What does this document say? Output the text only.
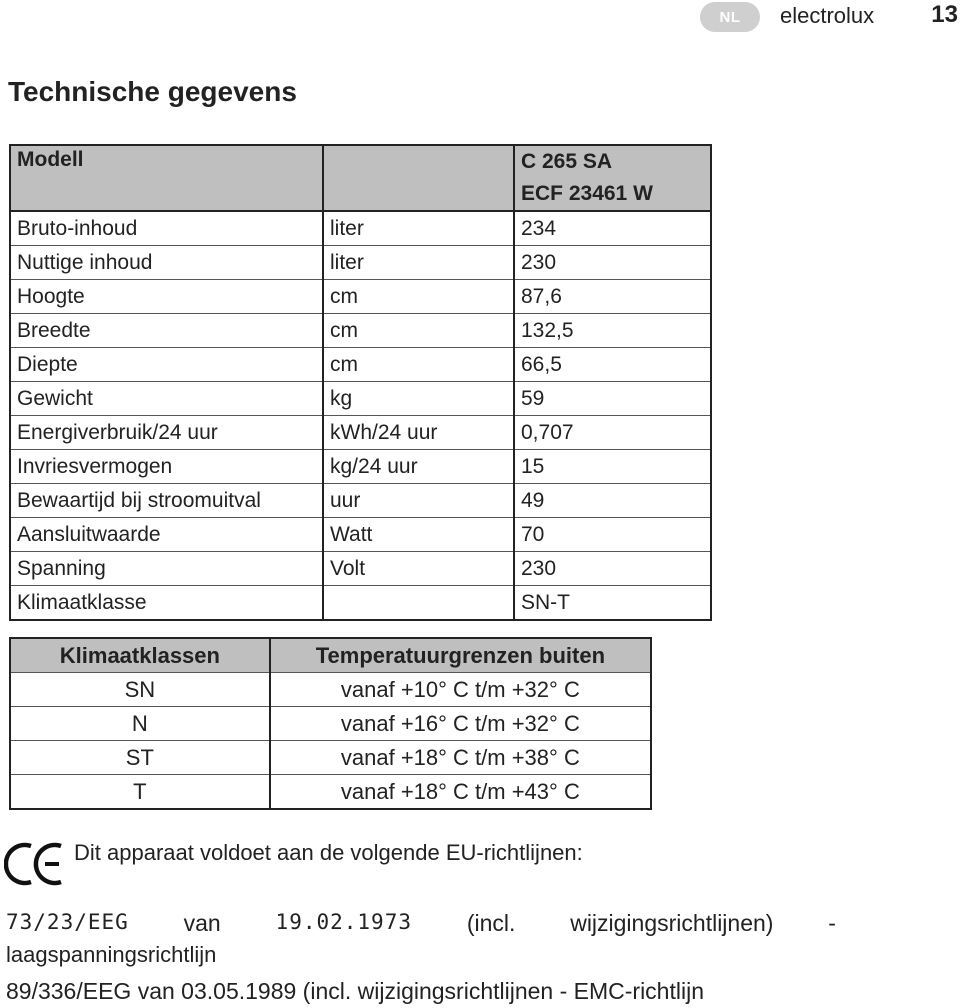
NL	electrolux 13
Technische gegevens
Modell		C 265 SA
ECF 23461 W

Bruto-inhoud	liter	234
Nuttige inhoud	liter	230
Hoogte	cm	87,6
Breedte	cm	132,5
Diepte	cm	66,5
Gewicht	kg	59
Energiverbruik/24 uur	kWh/24 uur	0,707
Invriesvermogen	kg/24 uur	15
Bewaartijd bij stroomuitval	uur	49
Aansluitwaarde	Watt	70
Spanning	Volt	230
Klimaatklasse		SN-T
Klimaatklassen	Temperatuurgrenzen buiten
SN	vanaf +10° C t/m +32° C
N	vanaf +16° C t/m +32° C
ST	vanaf +18° C t/m +38° C
T	vanaf +18° C t/m +43° C
Dit apparaat voldoet aan de volgende EU-richtlijnen:
73/23/EEG van	19.02.1973 (incl. wijzigingsrichtlijnen) -
laagspanningsrichtlijn
89/336/EEG van 03.05.1989 (incl. wijzigingsrichtlijnen - EMC-richtlijn
